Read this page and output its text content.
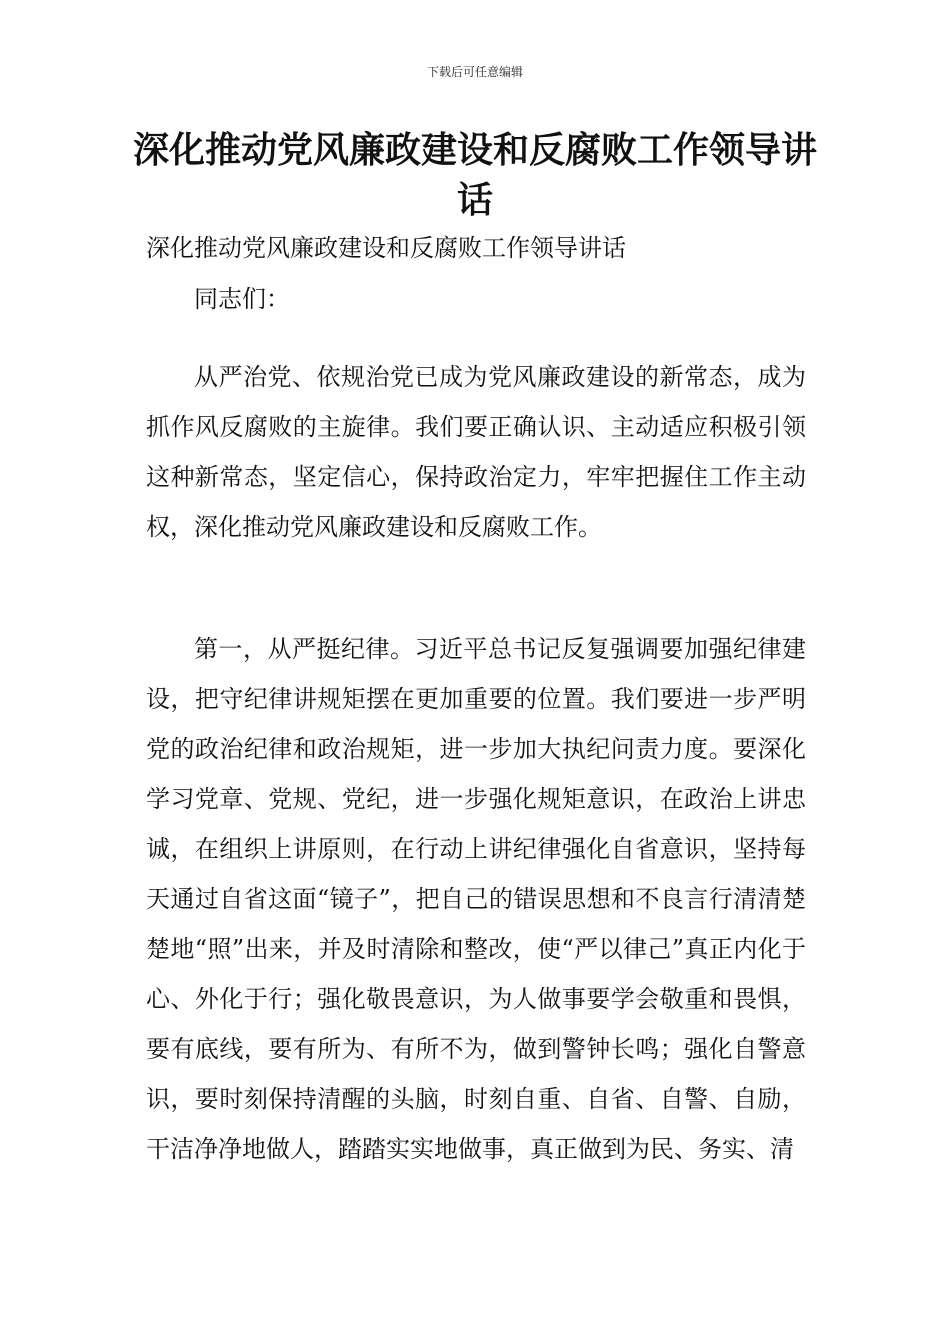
下载后可任意编辑
深化推动党风廉政建设和反腐败工作领导讲话

深化推动党风廉政建设和反腐败工作领导讲话

同志们：

从严治党、依规治党已成为党风廉政建设的新常态，成为抓作风反腐败的主旋律。我们要正确认识、主动适应积极引领这种新常态，坚定信心，保持政治定力，牢牢把握住工作主动权，深化推动党风廉政建设和反腐败工作。

第一，从严挺纪律。习近平总书记反复强调要加强纪律建设，把守纪律讲规矩摆在更加重要的位置。我们要进一步严明党的政治纪律和政治规矩，进一步加大执纪问责力度。要深化学习党章、党规、党纪，进一步强化规矩意识，在政治上讲忠诚，在组织上讲原则，在行动上讲纪律强化自省意识，坚持每天通过自省这面“镜子”，把自己的错误思想和不良言行清清楚楚地“照”出来，并及时清除和整改，使“严以律己”真正内化于心、外化于行；强化敬畏意识，为人做事要学会敬重和畏惧，要有底线，要有所为、有所不为，做到警钟长鸣；强化自警意识，要时刻保持清醒的头脑，时刻自重、自省、自警、自励，干洁净净地做人，踏踏实实地做事，真正做到为民、务实、清
